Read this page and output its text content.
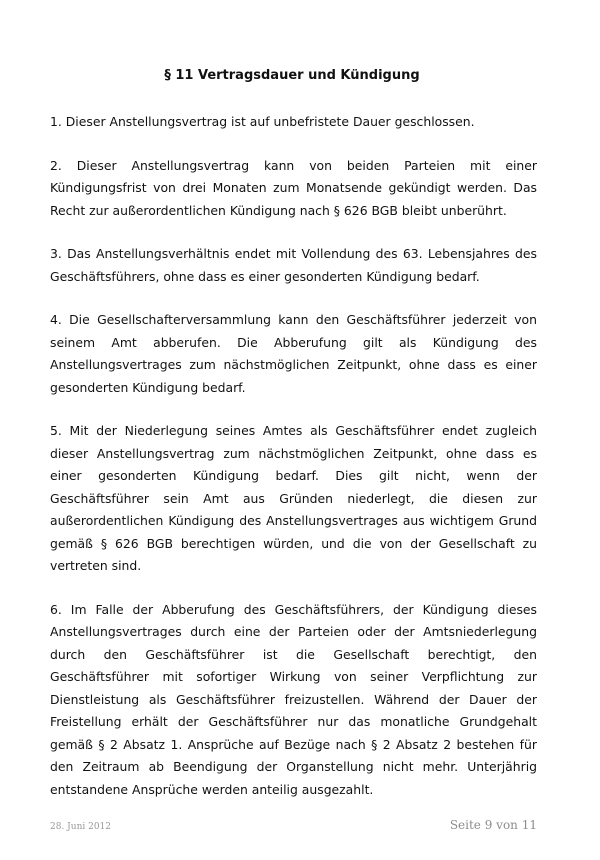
§ 11 Vertragsdauer und Kündigung

1. Dieser Anstellungsvertrag ist auf unbefristete Dauer geschlossen.

2. Dieser Anstellungsvertrag kann von beiden Parteien mit einer Kündigungsfrist von drei Monaten zum Monatsende gekündigt werden. Das Recht zur außerordentlichen Kündigung nach § 626 BGB bleibt unberührt.

3. Das Anstellungsverhältnis endet mit Vollendung des 63. Lebensjahres des Geschäftsführers, ohne dass es einer gesonderten Kündigung bedarf.

4. Die Gesellschafterversammlung kann den Geschäftsführer jederzeit von seinem Amt abberufen. Die Abberufung gilt als Kündigung des Anstellungsvertrages zum nächstmöglichen Zeitpunkt, ohne dass es einer gesonderten Kündigung bedarf.

5. Mit der Niederlegung seines Amtes als Geschäftsführer endet zugleich dieser Anstellungsvertrag zum nächstmöglichen Zeitpunkt, ohne dass es einer gesonderten Kündigung bedarf. Dies gilt nicht, wenn der Geschäftsführer sein Amt aus Gründen niederlegt, die diesen zur außerordentlichen Kündigung des Anstellungsvertrages aus wichtigem Grund gemäß § 626 BGB berechtigen würden, und die von der Gesellschaft zu vertreten sind.

6. Im Falle der Abberufung des Geschäftsführers, der Kündigung dieses Anstellungsvertrages durch eine der Parteien oder der Amtsniederlegung durch den Geschäftsführer ist die Gesellschaft berechtigt, den Geschäftsführer mit sofortiger Wirkung von seiner Verpflichtung zur Dienstleistung als Geschäftsführer freizustellen. Während der Dauer der Freistellung erhält der Geschäftsführer nur das monatliche Grundgehalt gemäß § 2 Absatz 1. Ansprüche auf Bezüge nach § 2 Absatz 2 bestehen für den Zeitraum ab Beendigung der Organstellung nicht mehr. Unterjährig entstandene Ansprüche werden anteilig ausgezahlt.

28. Juni 2012	Seite 9 von 11
